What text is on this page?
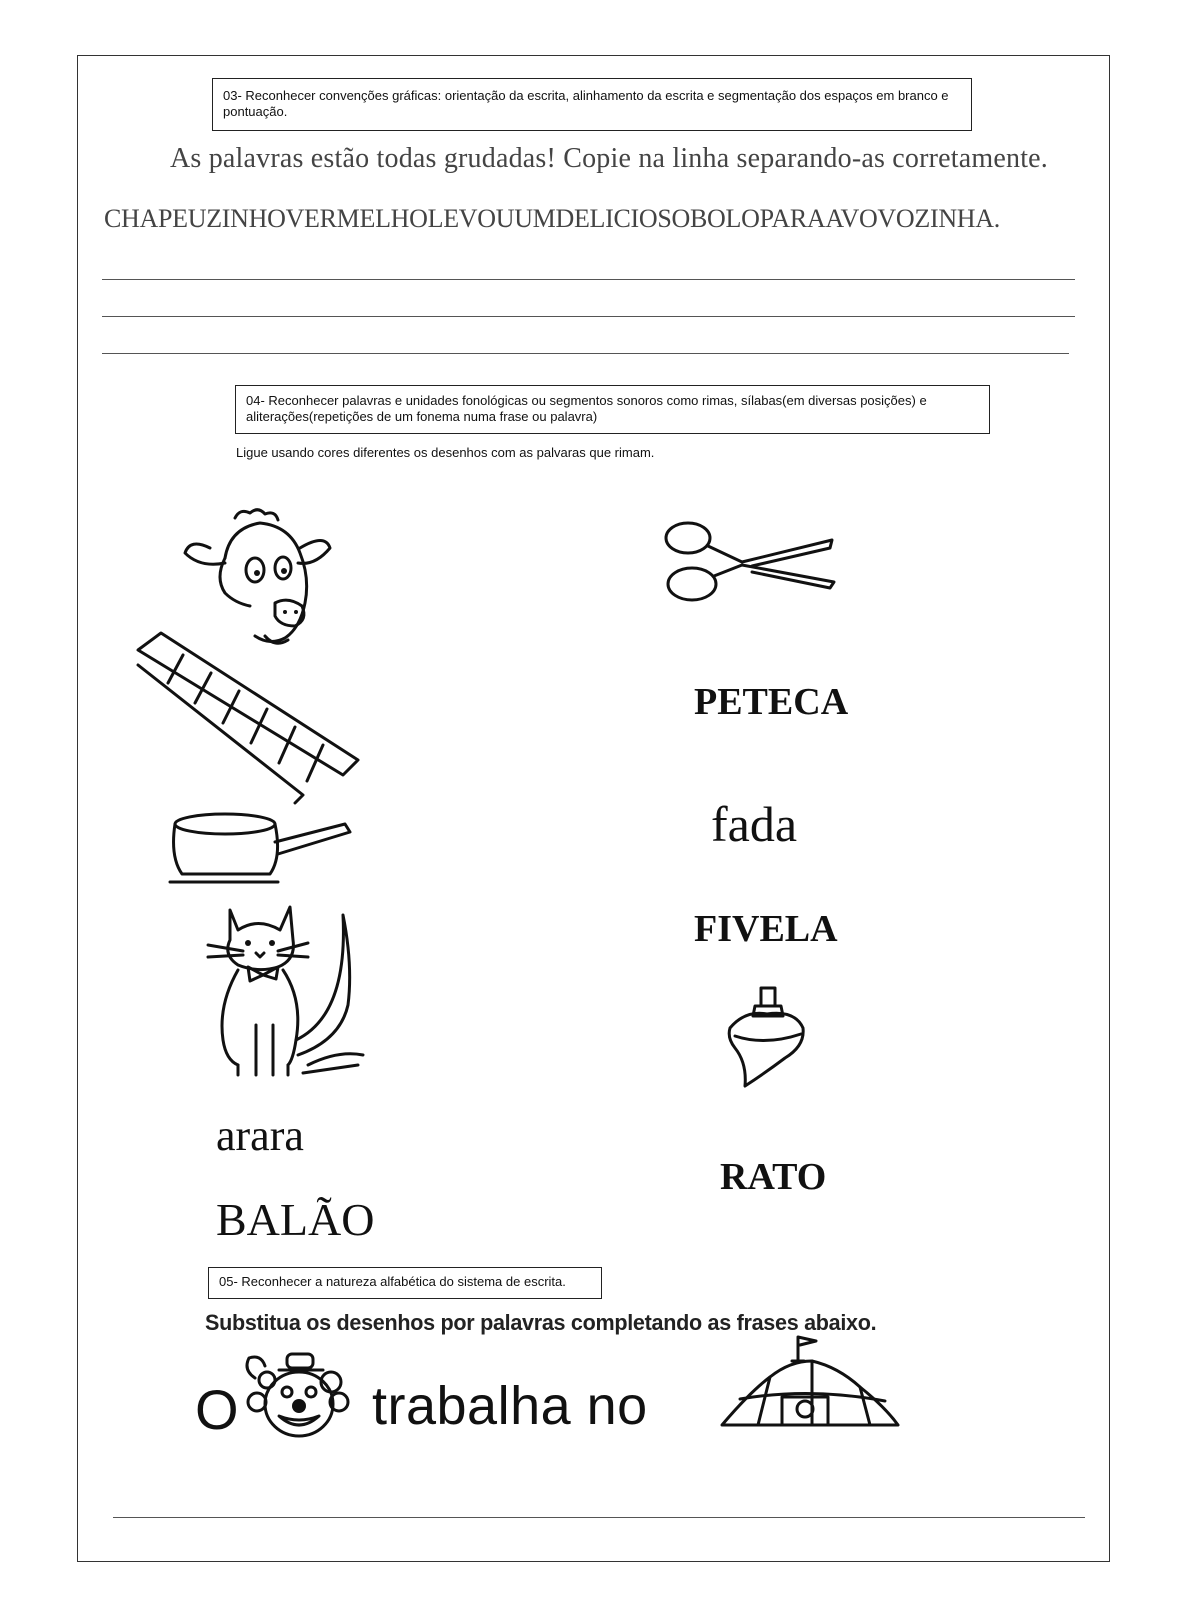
03- Reconhecer convenções gráficas: orientação da escrita, alinhamento da escrita e segmentação dos espaços em branco e pontuação.
As palavras estão todas grudadas! Copie na linha separando-as corretamente.
CHAPEUZINHOVERMELHOLEVOUUMDELICIOSOBOLOPARAAVOVOZINHA.
04- Reconhecer palavras e unidades fonológicas ou segmentos sonoros como rimas, sílabas(em diversas posições) e aliterações(repetições de um fonema numa frase ou palavra)
Ligue usando cores diferentes os desenhos com as palvaras que rimam.
PETECA
fada
FIVELA
RATO
arara
BALÃO
05- Reconhecer a natureza alfabética do sistema de escrita.
Substitua os desenhos por palavras completando as frases abaixo.
O trabalha no
